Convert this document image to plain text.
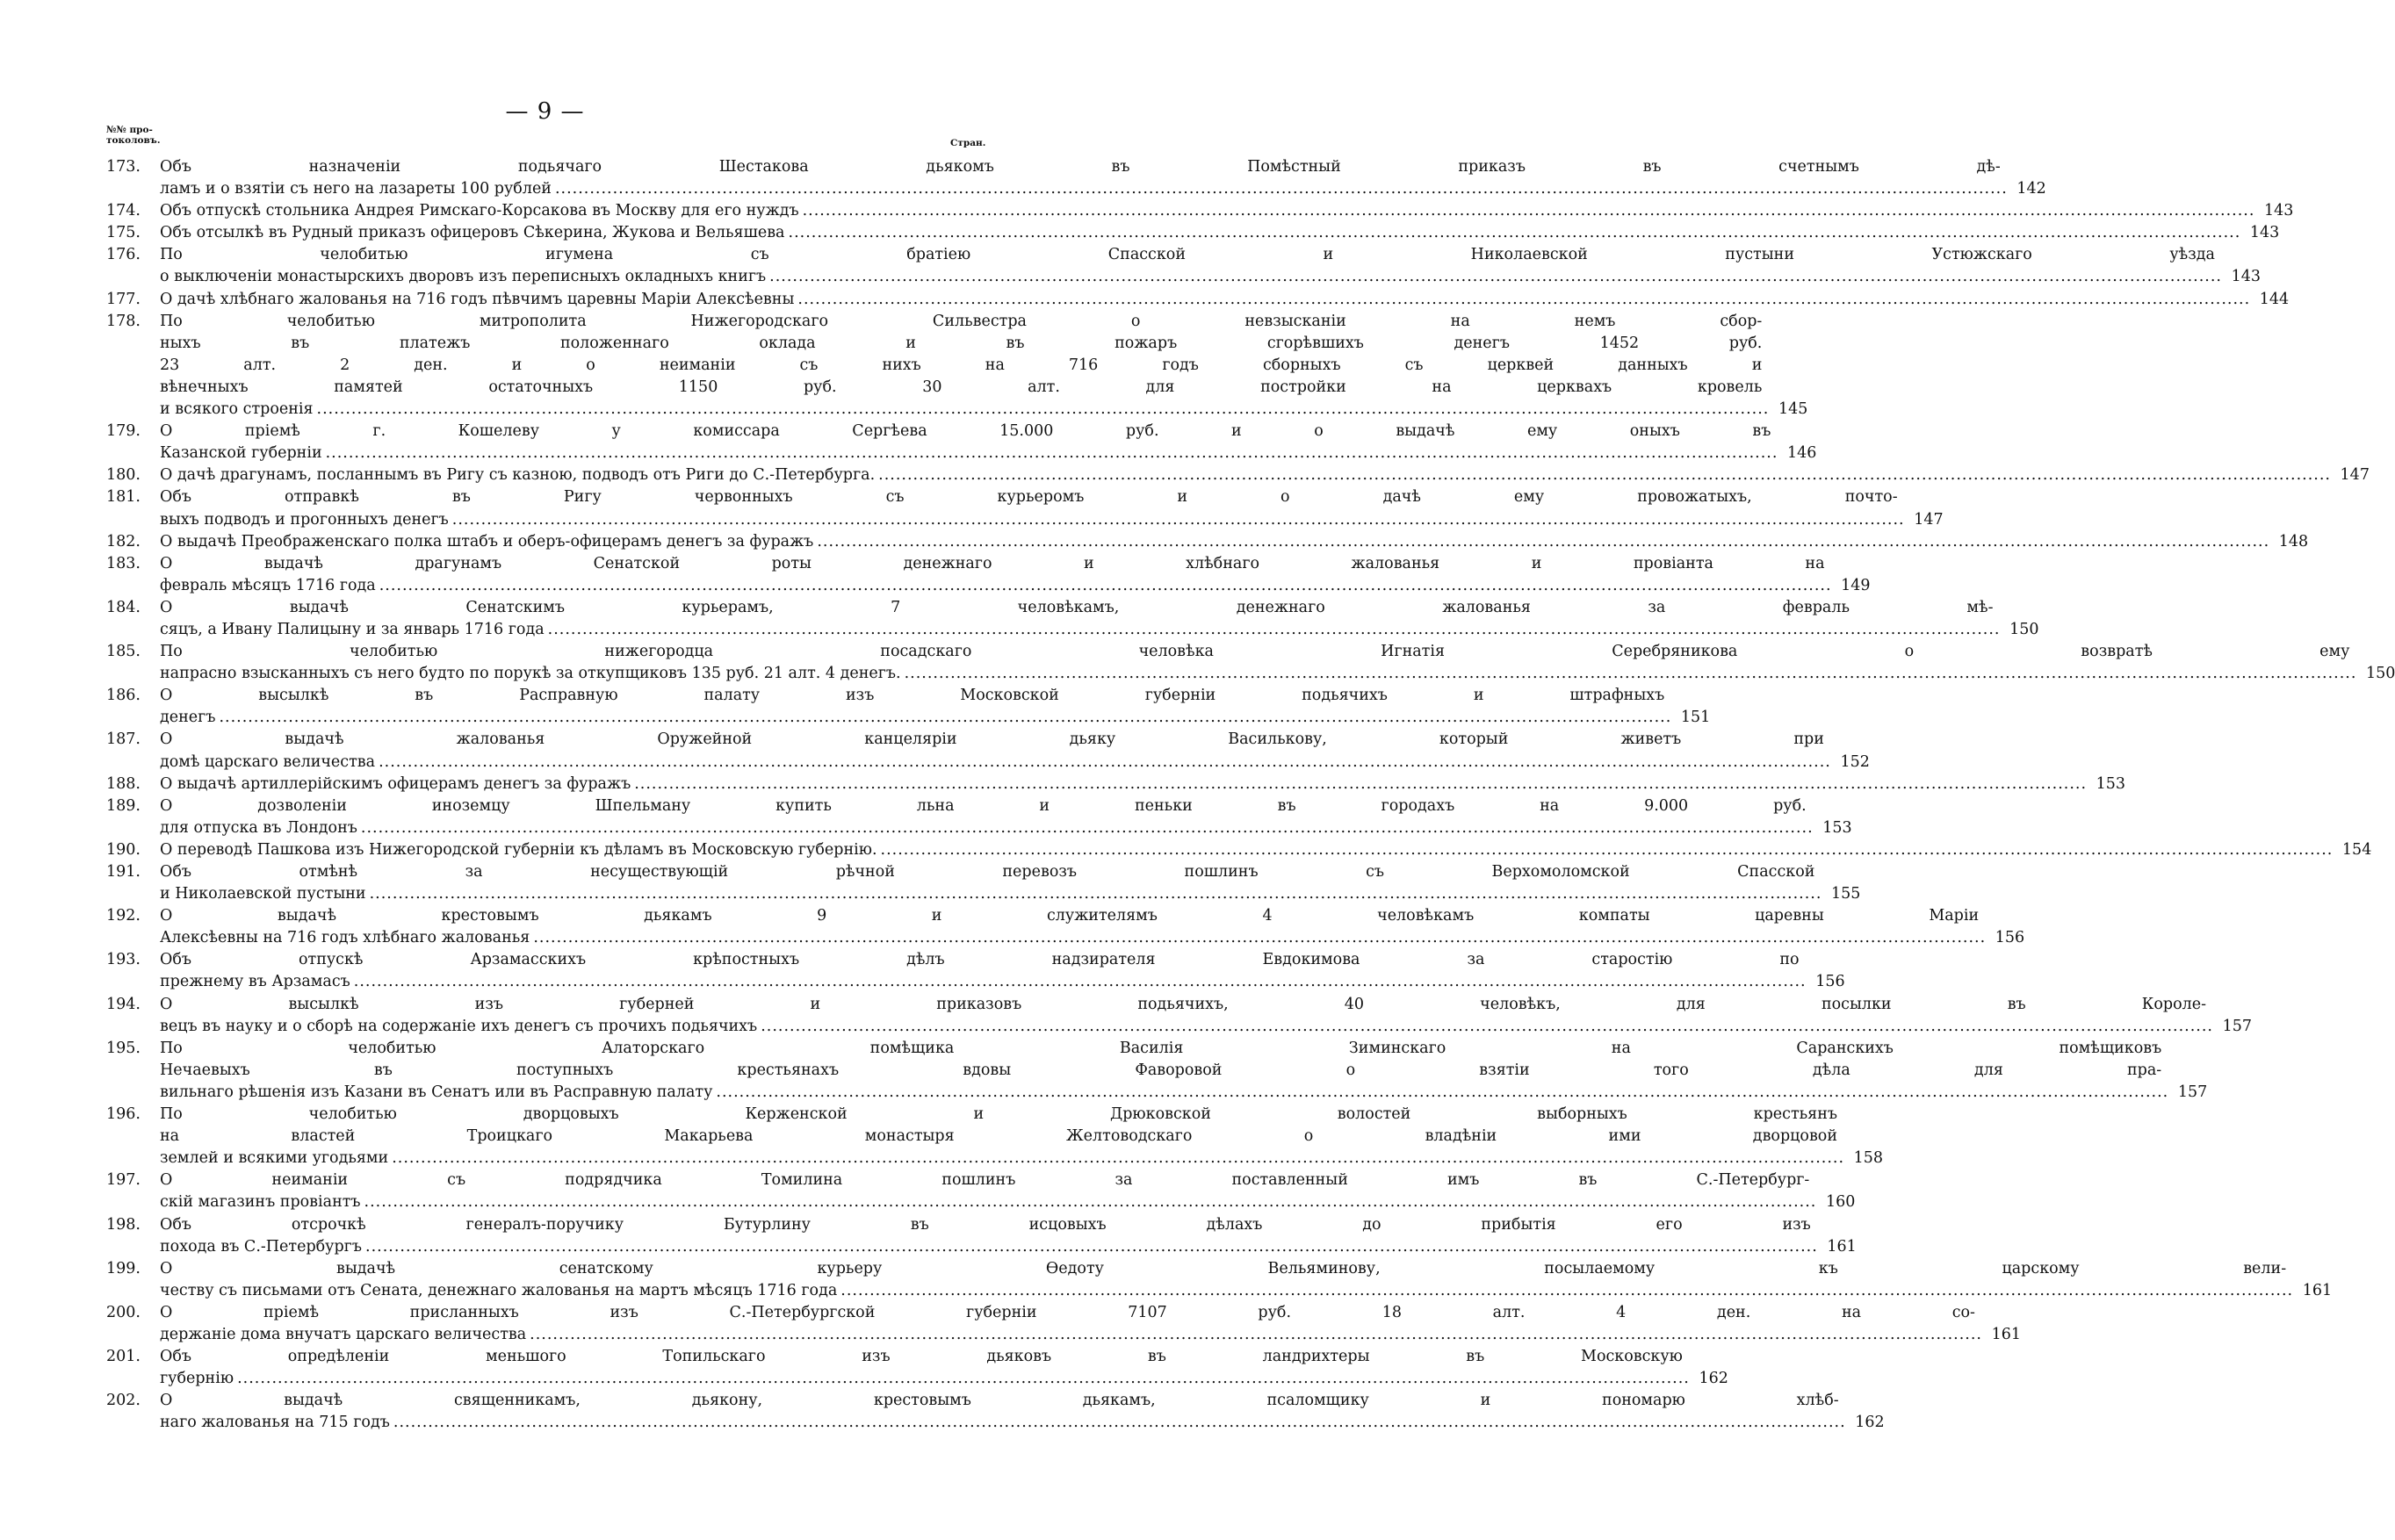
— 9 —
№№ про-
токоловъ.	Стран.
173.	Объ назначенiи подьячаго Шестакова дьякомъ въ Помѣстный приказъ въ счетнымъ дѣ-
ламъ и о взятiи съ него на лазареты 100 рублей .....	142
174.	Объ отпускѣ стольника Андрея Римскаго-Корсакова въ Москву для его нуждъ .....	143
175.	Объ отсылкѣ въ Рудный приказъ офицеровъ Сѣкерина, Жукова и Вельяшева .....	143
176.	По челобитью игумена съ братiею Спасской и Николаевской пустыни Устюжскаго уѣзда
о выключенiи монастырскихъ дворовъ изъ переписныхъ окладныхъ книгъ .....	143
177.	О дачѣ хлѣбнаго жалованья на 716 годъ пѣвчимъ царевны Марiи Алексѣевны .....	144
178.	По челобитью митрополита Нижегородскаго Сильвестра о невзысканiи на немъ сбор-
ныхъ въ платежъ положеннаго оклада и въ пожаръ сгорѣвшихъ денегъ 1452 руб.
23 алт. 2 ден. и о неиманiи съ нихъ на 716 годъ сборныхъ съ церквей данныхъ и
вѣнечныхъ памятей остаточныхъ 1150 руб. 30 алт. для постройки на церквахъ кровель
и всякого строенiя .....	145
179.	О прiемѣ г. Кошелеву у комиссара Сергѣева 15.000 руб. и о выдачѣ ему оныхъ въ
Казанской губернiи .....	146
180.	О дачѣ драгунамъ, посланнымъ въ Ригу съ казною, подводъ отъ Риги до С.-Петербурга. .....	147
181.	Объ отправкѣ въ Ригу червонныхъ съ курьеромъ и о дачѣ ему провожатыхъ, почто-
выхъ подводъ и прогонныхъ денегъ .....	147
182.	О выдачѣ Преображенскаго полка штабъ и оберъ-офицерамъ денегъ за фуражъ .....	148
183.	О выдачѣ драгунамъ Сенатской роты денежнаго и хлѣбнаго жалованья и провiанта на
февраль мѣсяцъ 1716 года .....	149
184.	О выдачѣ Сенатскимъ курьерамъ, 7 человѣкамъ, денежнаго жалованья за февраль мѣ-
сяцъ, а Ивану Палицыну и за январь 1716 года .....	150
185.	По челобитью нижегородца посадскаго человѣка Игнатiя Серебряникова о возвратѣ ему
напрасно взысканныхъ съ него будто по порукѣ за откупщиковъ 135 руб. 21 алт. 4 денегъ. .....	150
186.	О высылкѣ въ Расправную палату изъ Московской губернiи подьячихъ и штрафныхъ
денегъ .....	151
187.	О выдачѣ жалованья Оружейной канцелярiи дьяку Василькову, который живетъ при
домѣ царскаго величества .....	152
188.	О выдачѣ артиллерiйскимъ офицерамъ денегъ за фуражъ .....	153
189.	О дозволенiи иноземцу Шпельману купить льна и пеньки въ городахъ на 9.000 руб.
для отпуска въ Лондонъ .....	153
190.	О переводѣ Пашкова изъ Нижегородской губернiи къ дѣламъ въ Московскую губернiю. .....	154
191.	Объ отмѣнѣ за несуществующiй рѣчной перевозъ пошлинъ съ Верхомоломской Спасской
и Николаевской пустыни .....	155
192.	О выдачѣ крестовымъ дьякамъ 9 и служителямъ 4 человѣкамъ компаты царевны Марiи
Алексѣевны на 716 годъ хлѣбнаго жалованья .....	156
193.	Объ отпускѣ Арзамасскихъ крѣпостныхъ дѣлъ надзирателя Евдокимова за старостiю по
прежнему въ Арзамасъ .....	156
194.	О высылкѣ изъ губерней и приказовъ подьячихъ, 40 человѣкъ, для посылки въ Короле-
вецъ въ науку и о сборѣ на содержанiе ихъ денегъ съ прочихъ подьячихъ .....	157
195.	По челобитью Алаторскаго помѣщика Василiя Зиминскаго на Саранскихъ помѣщиковъ
Нечаевыхъ въ поступныхъ крестьянахъ вдовы Фаворовой о взятiи того дѣла для пра-
вильнаго рѣшенiя изъ Казани въ Сенатъ или въ Расправную палату .....	157
196.	По челобитью дворцовыхъ Керженской и Дрюковской волостей выборныхъ крестьянъ
на властей Троицкаго Макарьева монастыря Желтоводскаго о владѣнiи ими дворцовой
землей и всякими угодьями .....	158
197.	О неиманiи съ подрядчика Томилина пошлинъ за поставленный имъ въ С.-Петербург-
скiй магазинъ провiантъ .....	160
198.	Объ отсрочкѣ генералъ-поручику Бутурлину въ исцовыхъ дѣлахъ до прибытiя его изъ
похода въ С.-Петербургъ .....	161
199.	О выдачѣ сенатскому курьеру Ѳедоту Вельяминову, посылаемому къ царскому вели-
честву съ письмами отъ Сената, денежнаго жалованья на мартъ мѣсяцъ 1716 года .....	161
200.	О прiемѣ присланныхъ изъ С.-Петербургской губернiи 7107 руб. 18 алт. 4 ден. на со-
держанiе дома внучатъ царскаго величества .....	161
201.	Объ опредѣленiи меньшого Топильскаго изъ дьяковъ въ ландрихтеры въ Московскую
губернiю .....	162
202.	О выдачѣ священникамъ, дьякону, крестовымъ дьякамъ, псаломщику и пономарю хлѣб-
наго жалованья на 715 годъ .....	162
